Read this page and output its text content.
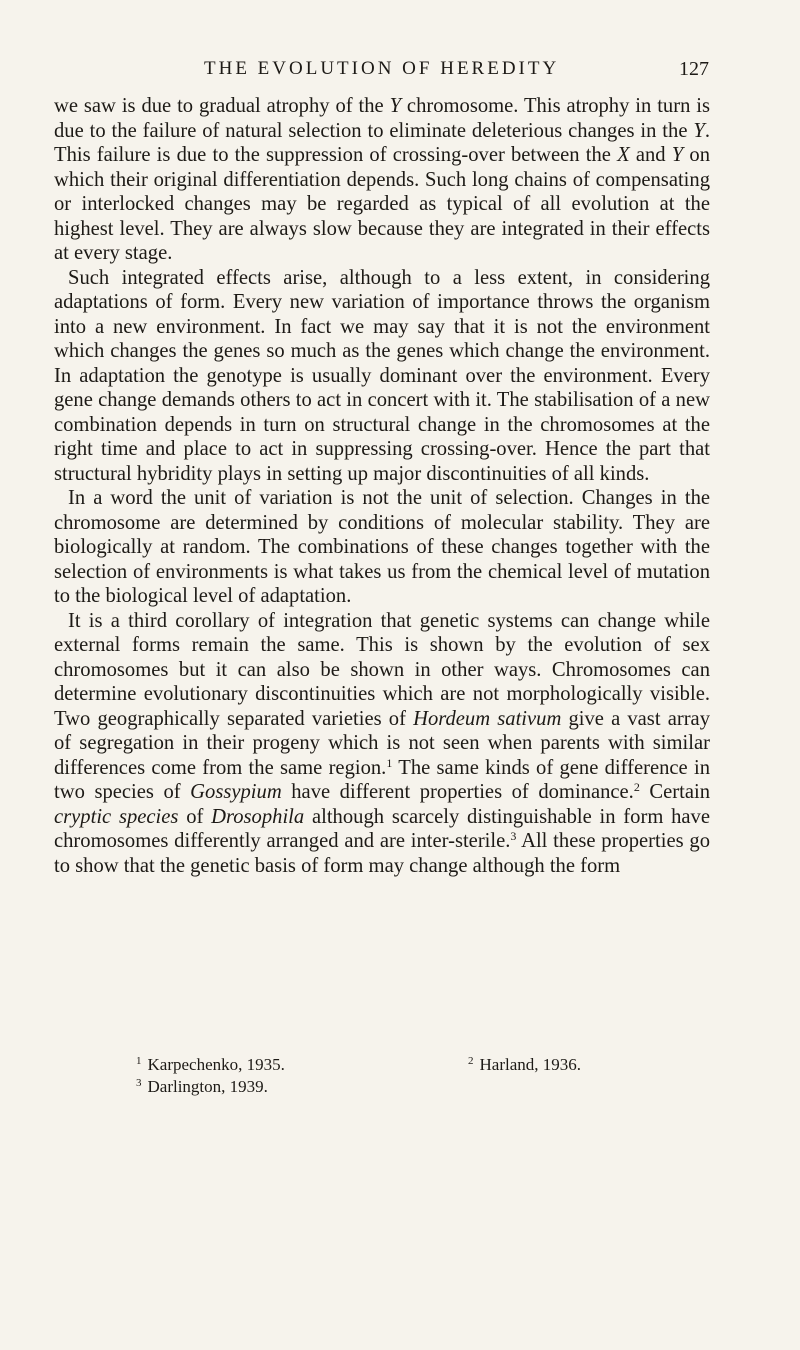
THE EVOLUTION OF HEREDITY	127

we saw is due to gradual atrophy of the Y chromosome. This atrophy in turn is due to the failure of natural selection to eliminate deleterious changes in the Y. This failure is due to the suppression of crossing-over between the X and Y on which their original differentiation depends. Such long chains of compensating or interlocked changes may be regarded as typical of all evolution at the highest level. They are always slow because they are integrated in their effects at every stage.

Such integrated effects arise, although to a less extent, in considering adaptations of form. Every new variation of importance throws the organism into a new environment. In fact we may say that it is not the environment which changes the genes so much as the genes which change the environment. In adaptation the genotype is usually dominant over the environment. Every gene change demands others to act in concert with it. The stabilisation of a new combination depends in turn on structural change in the chromosomes at the right time and place to act in suppressing crossing-over. Hence the part that structural hybridity plays in setting up major discontinuities of all kinds.

In a word the unit of variation is not the unit of selection. Changes in the chromosome are determined by conditions of molecular stability. They are biologically at random. The combinations of these changes together with the selection of environments is what takes us from the chemical level of mutation to the biological level of adaptation.

It is a third corollary of integration that genetic systems can change while external forms remain the same. This is shown by the evolution of sex chromosomes but it can also be shown in other ways. Chromosomes can determine evolutionary discontinuities which are not morphologically visible. Two geographically separated varieties of Hordeum sativum give a vast array of segregation in their progeny which is not seen when parents with similar differences come from the same region.$^1$ The same kinds of gene difference in two species of Gossypium have different properties of dominance.$^2$ Certain cryptic species of Drosophila although scarcely distinguishable in form have chromosomes differently arranged and are inter-sterile.$^3$ All these properties go to show that the genetic basis of form may change although the form

$^1$ Karpechenko, 1935.	$^2$ Harland, 1936.
$^3$ Darlington, 1939.
